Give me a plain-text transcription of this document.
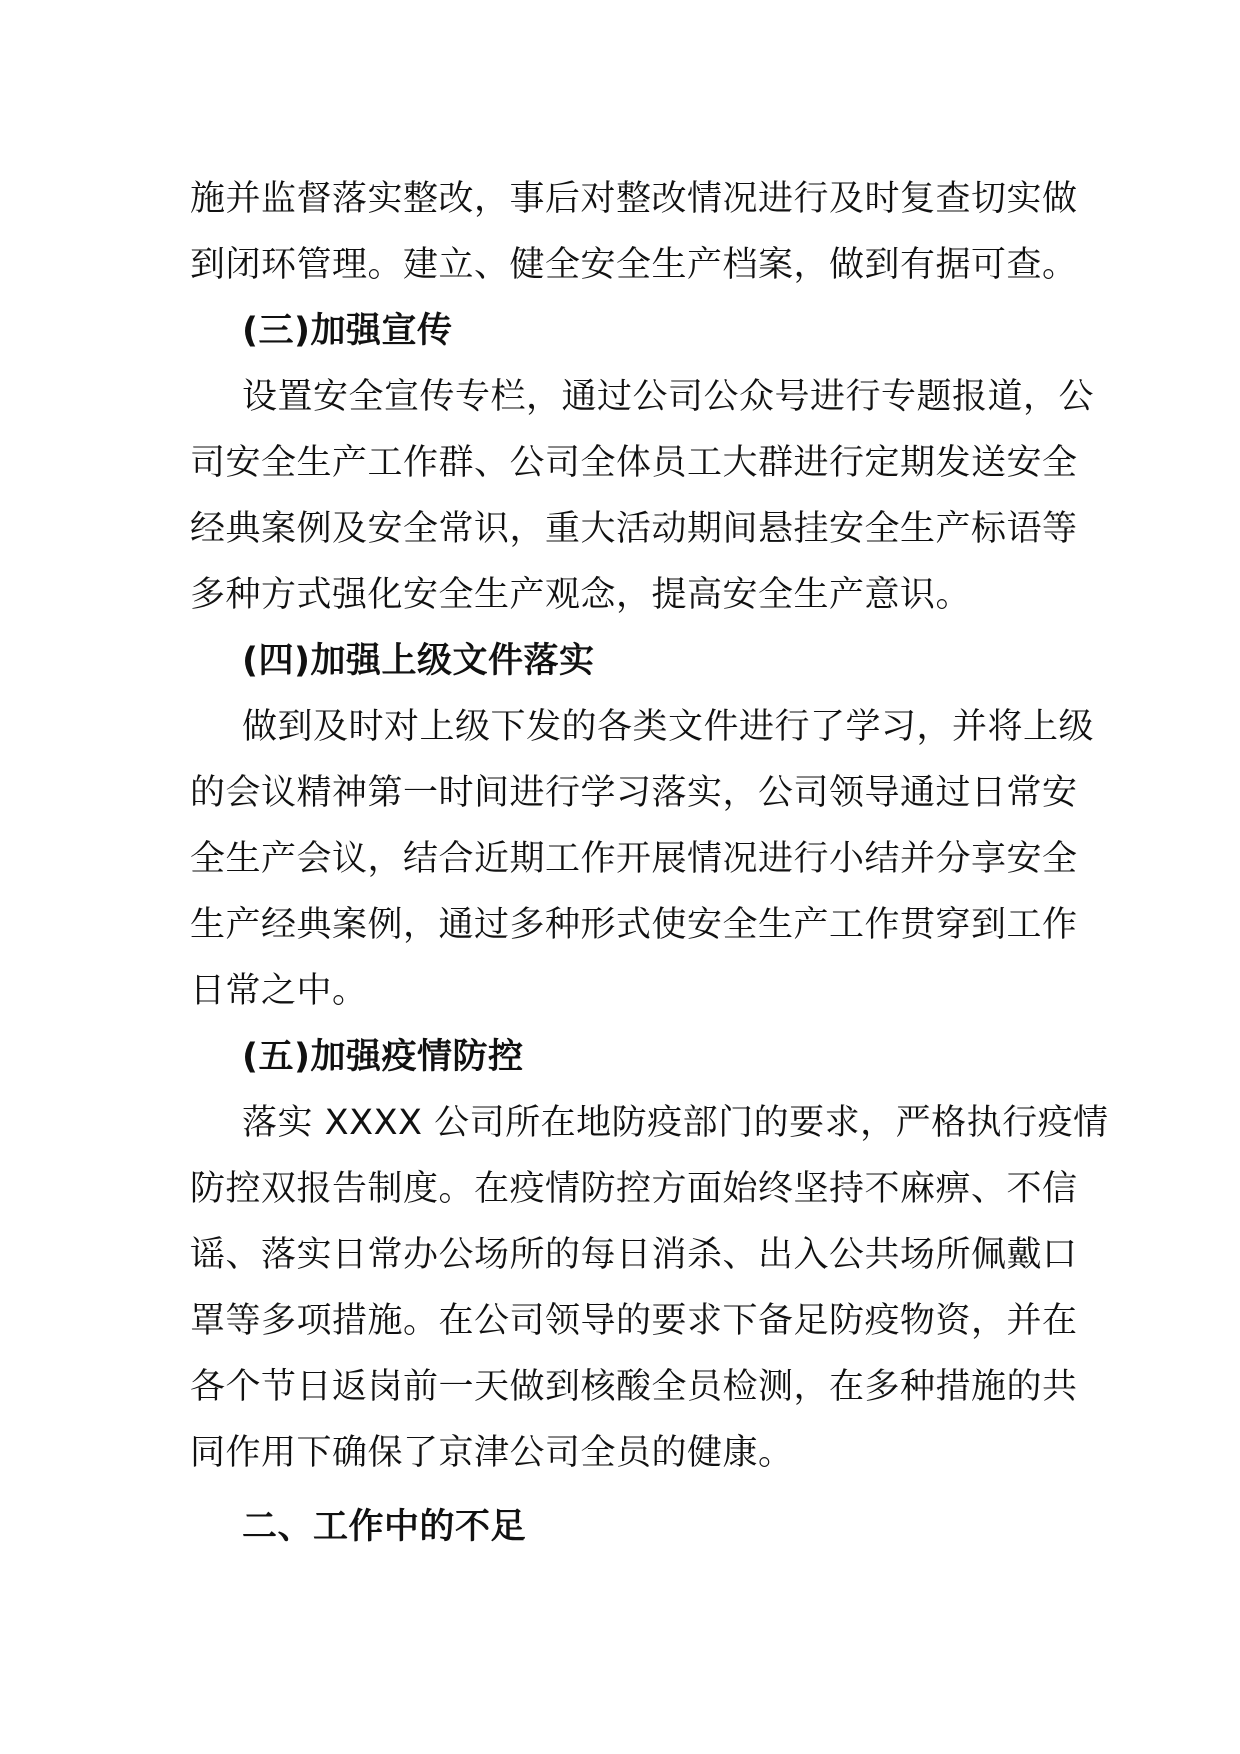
施并监督落实整改，事后对整改情况进行及时复查切实做
到闭环管理。建立、健全安全生产档案，做到有据可查。
(三)加强宣传
设置安全宣传专栏，通过公司公众号进行专题报道，公
司安全生产工作群、公司全体员工大群进行定期发送安全
经典案例及安全常识，重大活动期间悬挂安全生产标语等
多种方式强化安全生产观念，提高安全生产意识。
(四)加强上级文件落实
做到及时对上级下发的各类文件进行了学习，并将上级
的会议精神第一时间进行学习落实，公司领导通过日常安
全生产会议，结合近期工作开展情况进行小结并分享安全
生产经典案例，通过多种形式使安全生产工作贯穿到工作
日常之中。
(五)加强疫情防控
落实 XXXX 公司所在地防疫部门的要求，严格执行疫情
防控双报告制度。在疫情防控方面始终坚持不麻痹、不信
谣、落实日常办公场所的每日消杀、出入公共场所佩戴口
罩等多项措施。在公司领导的要求下备足防疫物资，并在
各个节日返岗前一天做到核酸全员检测，在多种措施的共
同作用下确保了京津公司全员的健康。
二、工作中的不足
